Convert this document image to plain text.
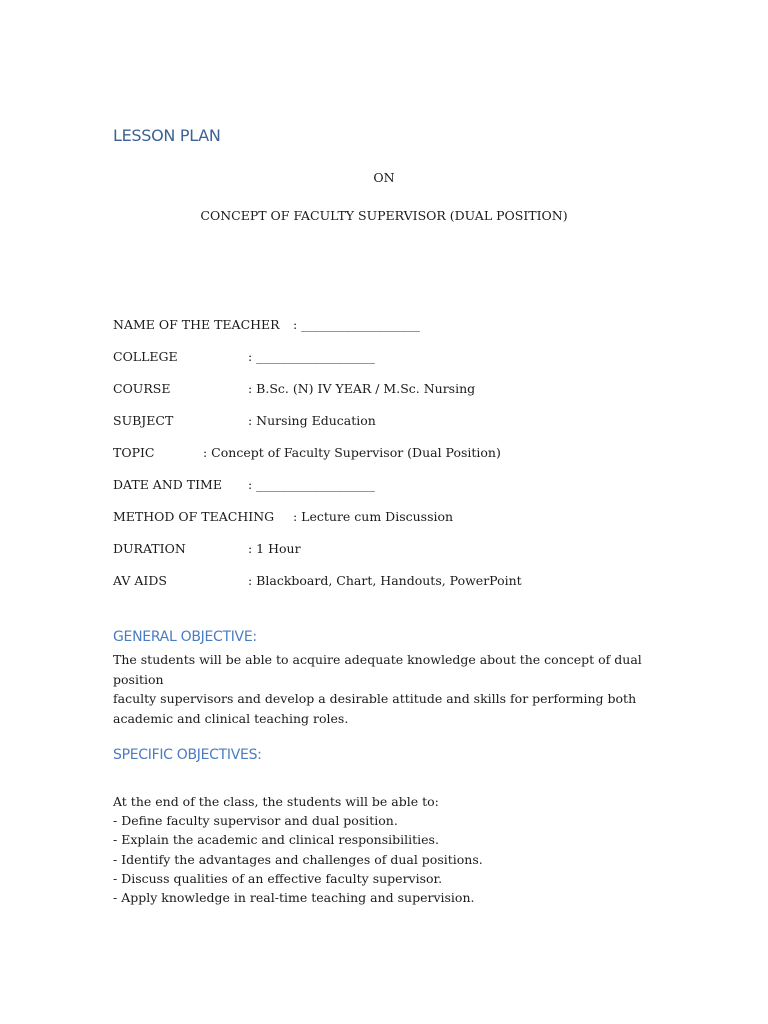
LESSON PLAN
ON
CONCEPT OF FACULTY SUPERVISOR (DUAL POSITION)
NAME OF THE TEACHER : ___________________
COLLEGE	: ___________________
COURSE	: B.Sc. (N) IV YEAR / M.Sc. Nursing
SUBJECT	: Nursing Education
TOPIC	: Concept of Faculty Supervisor (Dual Position)
DATE AND TIME : ___________________
METHOD OF TEACHING : Lecture cum Discussion
DURATION	: 1 Hour
AV AIDS	: Blackboard, Chart, Handouts, PowerPoint
GENERAL OBJECTIVE:
The students will be able to acquire adequate knowledge about the concept of dual position
faculty supervisors and develop a desirable attitude and skills for performing both
academic and clinical teaching roles.
SPECIFIC OBJECTIVES:
At the end of the class, the students will be able to:
- Define faculty supervisor and dual position.
- Explain the academic and clinical responsibilities.
- Identify the advantages and challenges of dual positions.
- Discuss qualities of an effective faculty supervisor.
- Apply knowledge in real-time teaching and supervision.
